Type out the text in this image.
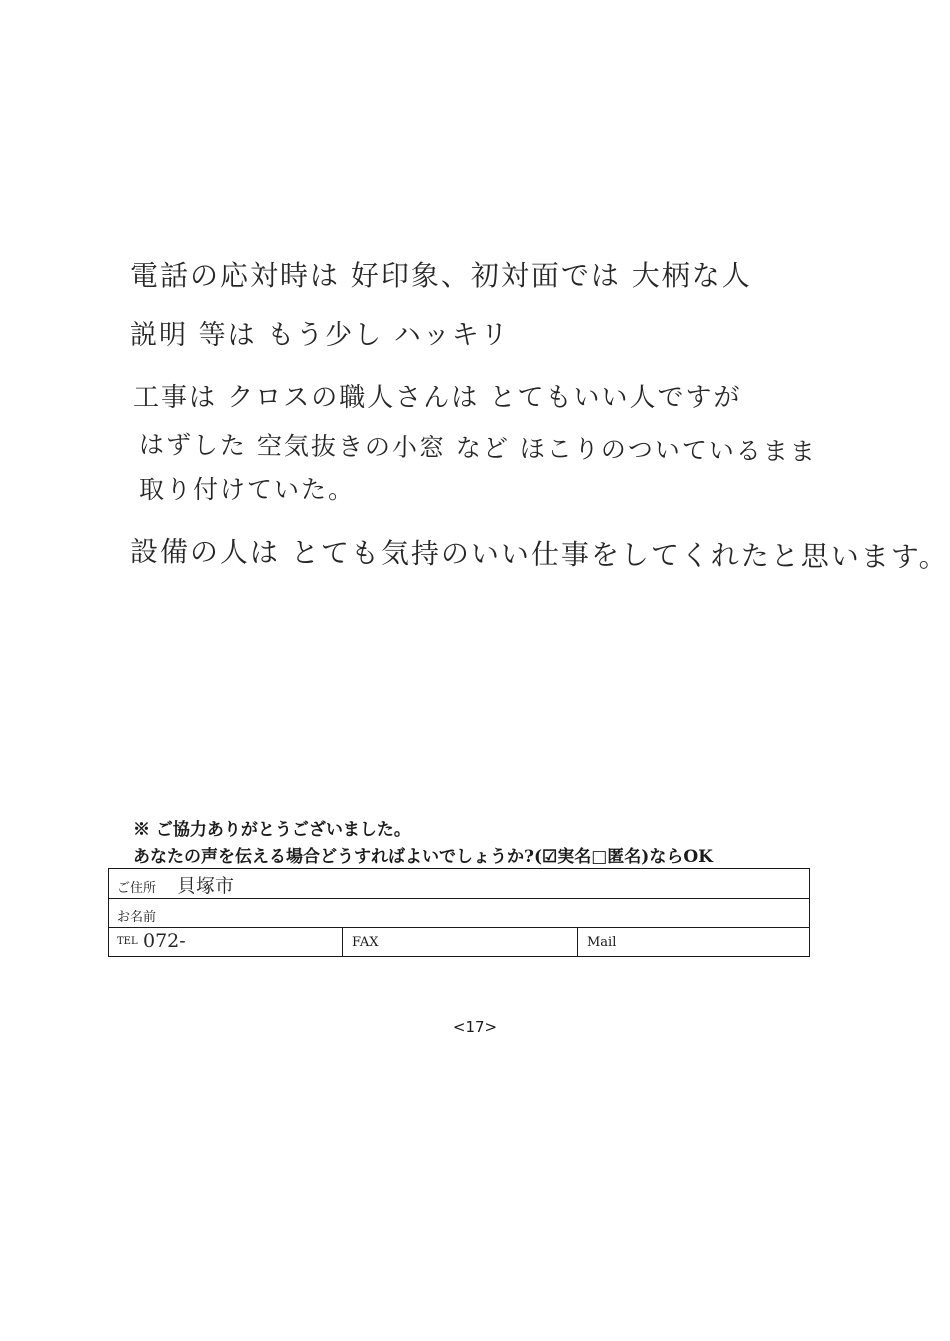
電話の応対時は 好印象、初対面では 大柄な人
説明 等は もう少し ハッキリ
工事は クロスの職人さんは とてもいい人ですが
はずした 空気抜きの小窓 など ほこりのついているまま
取り付けていた。
設備の人は とても気持のいい仕事をしてくれたと思います。
※ ご協力ありがとうございました。
あなたの声を伝える場合どうすればよいでしょうか?(☑実名□匿名)ならOK
ご住所 貝塚市
お名前
TEL 072-	FAX	Mail
<17>
